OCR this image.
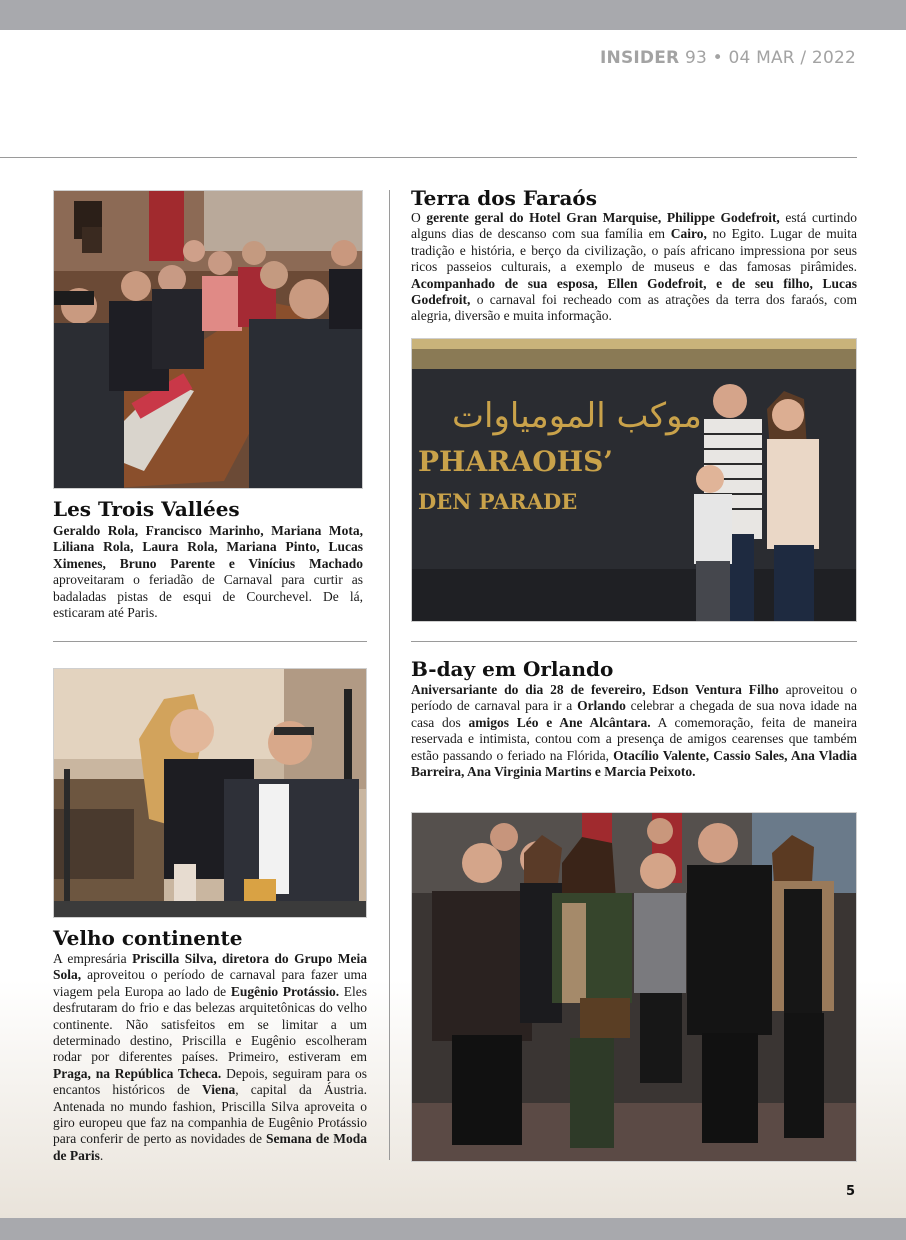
INSIDER 93 • 04 MAR / 2022
Les Trois Vallées

Geraldo Rola, Francisco Marinho, Mariana Mota, Liliana Rola, Laura Rola, Mariana Pinto, Lucas Ximenes, Bruno Parente e Vinícius Machado aproveitaram o feriadão de Carnaval para curtir as badaladas pistas de esqui de Courchevel. De lá, esticaram até Paris.

Velho continente

A empresária Priscilla Silva, diretora do Grupo Meia Sola, aproveitou o período de carnaval para fazer uma viagem pela Europa ao lado de Eugênio Protássio. Eles desfrutaram do frio e das belezas arquitetônicas do velho continente. Não satisfeitos em se limitar a um determinado destino, Priscilla e Eugênio escolheram rodar por diferentes países. Primeiro, estiveram em Praga, na República Tcheca. Depois, seguiram para os encantos históricos de Viena, capital da Áustria. Antenada no mundo fashion, Priscilla Silva aproveita o giro europeu que faz na companhia de Eugênio Protássio para conferir de perto as novidades de Semana de Moda de Paris.

Terra dos Faraós

O gerente geral do Hotel Gran Marquise, Philippe Godefroit, está curtindo alguns dias de descanso com sua família em Cairo, no Egito. Lugar de muita tradição e história, e berço da civilização, o país africano impressiona por seus ricos passeios culturais, a exemplo de museus e das famosas pirâmides. Acompanhado de sua esposa, Ellen Godefroit, e de seu filho, Lucas Godefroit, o carnaval foi recheado com as atrações da terra dos faraós, com alegria, diversão e muita informação.

موكب المومياوات
PHARAOHS’
DEN PARADE
B-day em Orlando

Aniversariante do dia 28 de fevereiro, Edson Ventura Filho aproveitou o período de carnaval para ir a Orlando celebrar a chegada de sua nova idade na casa dos amigos Léo e Ane Alcântara. A comemoração, feita de maneira reservada e intimista, contou com a presença de amigos cearenses que também estão passando o feriado na Flórida, Otacílio Valente, Cassio Sales, Ana Vladia Barreira, Ana Virginia Martins e Marcia Peixoto.

5
